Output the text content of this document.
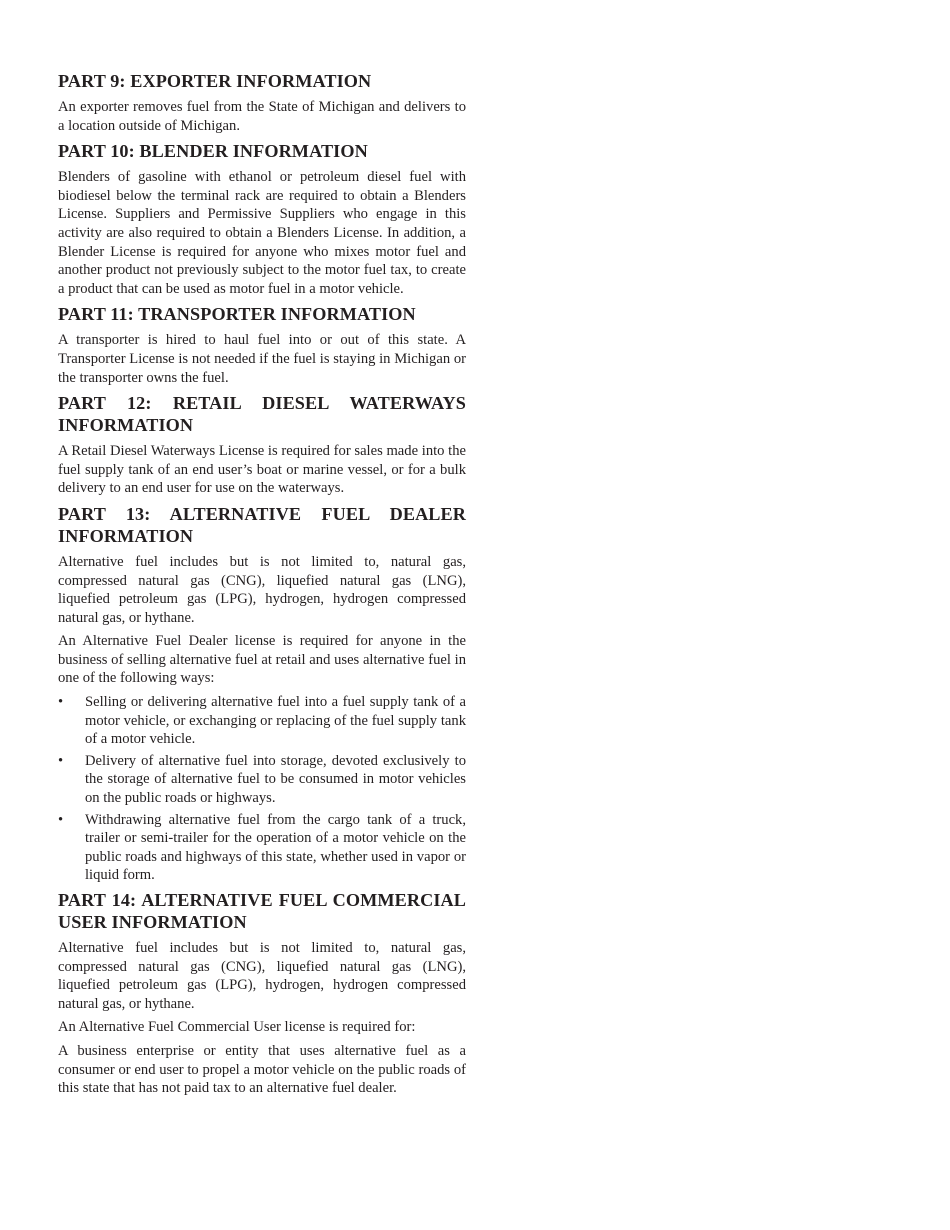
PART 9: EXPORTER INFORMATION

An exporter removes fuel from the State of Michigan and delivers to a location outside of Michigan.

PART 10: BLENDER INFORMATION

Blenders of gasoline with ethanol or petroleum diesel fuel with biodiesel below the terminal rack are required to obtain a Blenders License. Suppliers and Permissive Suppliers who engage in this activity are also required to obtain a Blenders License. In addition, a Blender License is required for anyone who mixes motor fuel and another product not previously subject to the motor fuel tax, to create a product that can be used as motor fuel in a motor vehicle.

PART 11: TRANSPORTER INFORMATION

A transporter is hired to haul fuel into or out of this state. A Transporter License is not needed if the fuel is staying in Michigan or the transporter owns the fuel.

PART 12: RETAIL DIESEL WATERWAYS INFORMATION

A Retail Diesel Waterways License is required for sales made into the fuel supply tank of an end user’s boat or marine vessel, or for a bulk delivery to an end user for use on the waterways.

PART 13: ALTERNATIVE FUEL DEALER INFORMATION

Alternative fuel includes but is not limited to, natural gas, compressed natural gas (CNG), liquefied natural gas (LNG), liquefied petroleum gas (LPG), hydrogen, hydrogen compressed natural gas, or hythane.

An Alternative Fuel Dealer license is required for anyone in the business of selling alternative fuel at retail and uses alternative fuel in one of the following ways:

• Selling or delivering alternative fuel into a fuel supply tank of a motor vehicle, or exchanging or replacing of the fuel supply tank of a motor vehicle.
• Delivery of alternative fuel into storage, devoted exclusively to the storage of alternative fuel to be consumed in motor vehicles on the public roads or highways.
• Withdrawing alternative fuel from the cargo tank of a truck, trailer or semi-trailer for the operation of a motor vehicle on the public roads and highways of this state, whether used in vapor or liquid form.
PART 14: ALTERNATIVE FUEL COMMERCIAL USER INFORMATION

Alternative fuel includes but is not limited to, natural gas, compressed natural gas (CNG), liquefied natural gas (LNG), liquefied petroleum gas (LPG), hydrogen, hydrogen compressed natural gas, or hythane.

An Alternative Fuel Commercial User license is required for:

A business enterprise or entity that uses alternative fuel as a consumer or end user to propel a motor vehicle on the public roads of this state that has not paid tax to an alternative fuel dealer.
